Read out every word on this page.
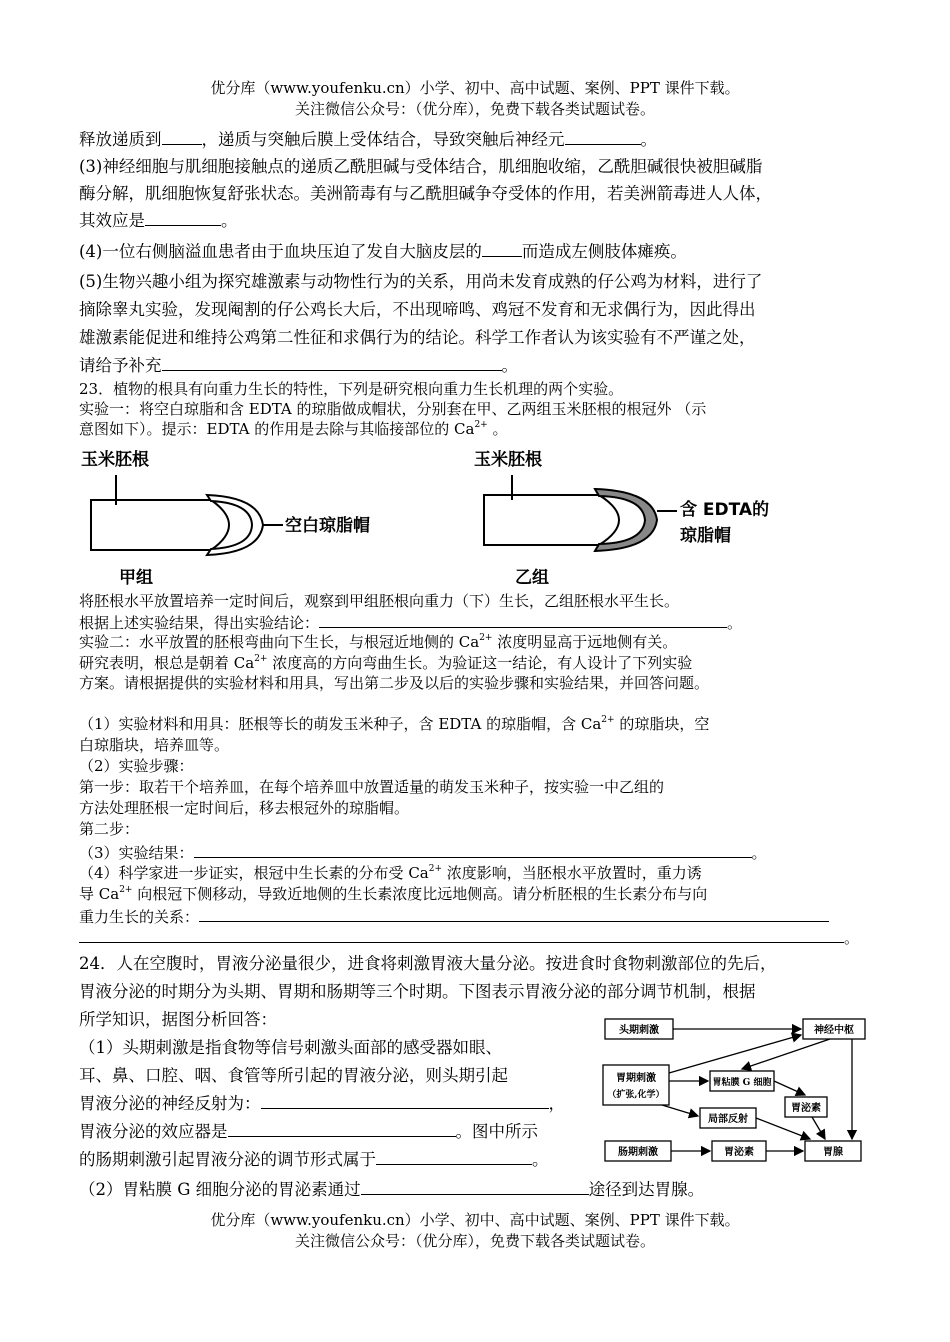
优分库（www.youfenku.cn）小学、初中、高中试题、案例、PPT 课件下载。
关注微信公众号：（优分库），免费下载各类试题试卷。
释放递质到 ，递质与突触后膜上受体结合，导致突触后神经元	。
(3)神经细胞与肌细胞接触点的递质乙酰胆碱与受体结合，肌细胞收缩，乙酰胆碱很快被胆碱脂
酶分解，肌细胞恢复舒张状态。美洲箭毒有与乙酰胆碱争夺受体的作用，若美洲箭毒进人人体，
其效应是	。
(4)一位右侧脑溢血患者由于血块压迫了发自大脑皮层的 而造成左侧肢体瘫痪。
(5)生物兴趣小组为探究雄激素与动物性行为的关系，用尚未发育成熟的仔公鸡为材料，进行了
摘除睾丸实验，发现阉割的仔公鸡长大后，不出现啼鸣、鸡冠不发育和无求偶行为，因此得出
雄激素能促进和维持公鸡第二性征和求偶行为的结论。科学工作者认为该实验有不严谨之处，
请给予补充	。
23．植物的根具有向重力生长的特性，下列是研究根向重力生长机理的两个实验。
实验一：将空白琼脂和含 EDTA 的琼脂做成帽状，分别套在甲、乙两组玉米胚根的根冠外 （示
意图如下）。提示：EDTA 的作用是去除与其临接部位的 $Ca^{2+}$ 。
玉米胚根
空白琼脂帽
甲组
玉米胚根
含 EDTA的
琼脂帽
乙组
将胚根水平放置培养一定时间后，观察到甲组胚根向重力（下）生长，乙组胚根水平生长。
根据上述实验结果，得出实验结论：	。
实验二：水平放置的胚根弯曲向下生长，与根冠近地侧的 $Ca^{2+}$ 浓度明显高于远地侧有关。
研究表明，根总是朝着 $Ca^{2+}$ 浓度高的方向弯曲生长。为验证这一结论，有人设计了下列实验
方案。请根据提供的实验材料和用具，写出第二步及以后的实验步骤和实验结果，并回答问题。
（1）实验材料和用具：胚根等长的萌发玉米种子，含 EDTA 的琼脂帽，含 $Ca^{2+}$ 的琼脂块，空
白琼脂块，培养皿等。
（2）实验步骤：
第一步：取若干个培养皿，在每个培养皿中放置适量的萌发玉米种子，按实验一中乙组的
方法处理胚根一定时间后，移去根冠外的琼脂帽。
第二步：
（3）实验结果：	。
（4）科学家进一步证实，根冠中生长素的分布受 $Ca^{2+}$ 浓度影响，当胚根水平放置时，重力诱
导 $Ca^{2+}$ 向根冠下侧移动，导致近地侧的生长素浓度比远地侧高。请分析胚根的生长素分布与向
重力生长的关系：
。
24．人在空腹时，胃液分泌量很少，进食将刺激胃液大量分泌。按进食时食物刺激部位的先后，
胃液分泌的时期分为头期、胃期和肠期等三个时期。下图表示胃液分泌的部分调节机制，根据
所学知识，据图分析回答：
（1）头期刺激是指食物等信号刺激头面部的感受器如眼、
耳、鼻、口腔、咽、食管等所引起的胃液分泌，则头期引起
胃液分泌的神经反射为：	，
胃液分泌的效应器是	。图中所示
的肠期刺激引起胃液分泌的调节形式属于	。
（2）胃粘膜 G 细胞分泌的胃泌素通过	途径到达胃腺。
头期刺激	神经中枢
胃期刺激
（扩张,化学）
胃粘膜 G 细胞
胃泌素
局部反射
肠期刺激	胃泌素	胃腺
优分库（www.youfenku.cn）小学、初中、高中试题、案例、PPT 课件下载。
关注微信公众号：（优分库），免费下载各类试题试卷。
